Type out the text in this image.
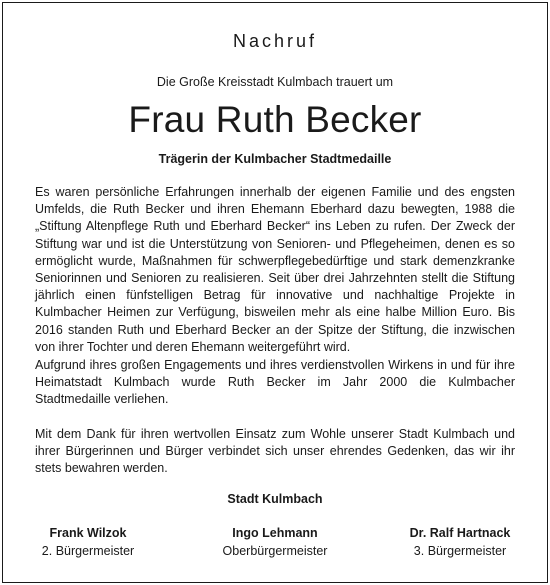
Nachruf
Die Große Kreisstadt Kulmbach trauert um
Frau Ruth Becker
Trägerin der Kulmbacher Stadtmedaille

Es waren persönliche Erfahrungen innerhalb der eigenen Familie und des engsten Umfelds, die Ruth Becker und ihren Ehemann Eberhard dazu bewegten, 1988 die „Stiftung Altenpflege Ruth und Eberhard Becker“ ins Leben zu rufen. Der Zweck der Stiftung war und ist die Unterstützung von Senioren- und Pflegeheimen, denen es so ermöglicht wurde, Maßnahmen für schwerpflegebedürftige und stark demenzkranke Seniorinnen und Senioren zu realisieren. Seit über drei Jahrzehnten stellt die Stiftung jährlich einen fünfstelligen Betrag für innovative und nachhaltige Projekte in Kulmbacher Heimen zur Verfügung, bisweilen mehr als eine halbe Million Euro. Bis 2016 standen Ruth und Eberhard Becker an der Spitze der Stiftung, die inzwischen von ihrer Tochter und deren Ehemann weitergeführt wird.

Aufgrund ihres großen Engagements und ihres verdienstvollen Wirkens in und für ihre Heimatstadt Kulmbach wurde Ruth Becker im Jahr 2000 die Kulmbacher Stadtmedaille verliehen.

Mit dem Dank für ihren wertvollen Einsatz zum Wohle unserer Stadt Kulmbach und ihrer Bürgerinnen und Bürger verbindet sich unser ehrendes Gedenken, das wir ihr stets bewahren werden.

Stadt Kulmbach
Frank Wilzok
2. Bürgermeister
Ingo Lehmann
Oberbürgermeister
Dr. Ralf Hartnack
3. Bürgermeister
